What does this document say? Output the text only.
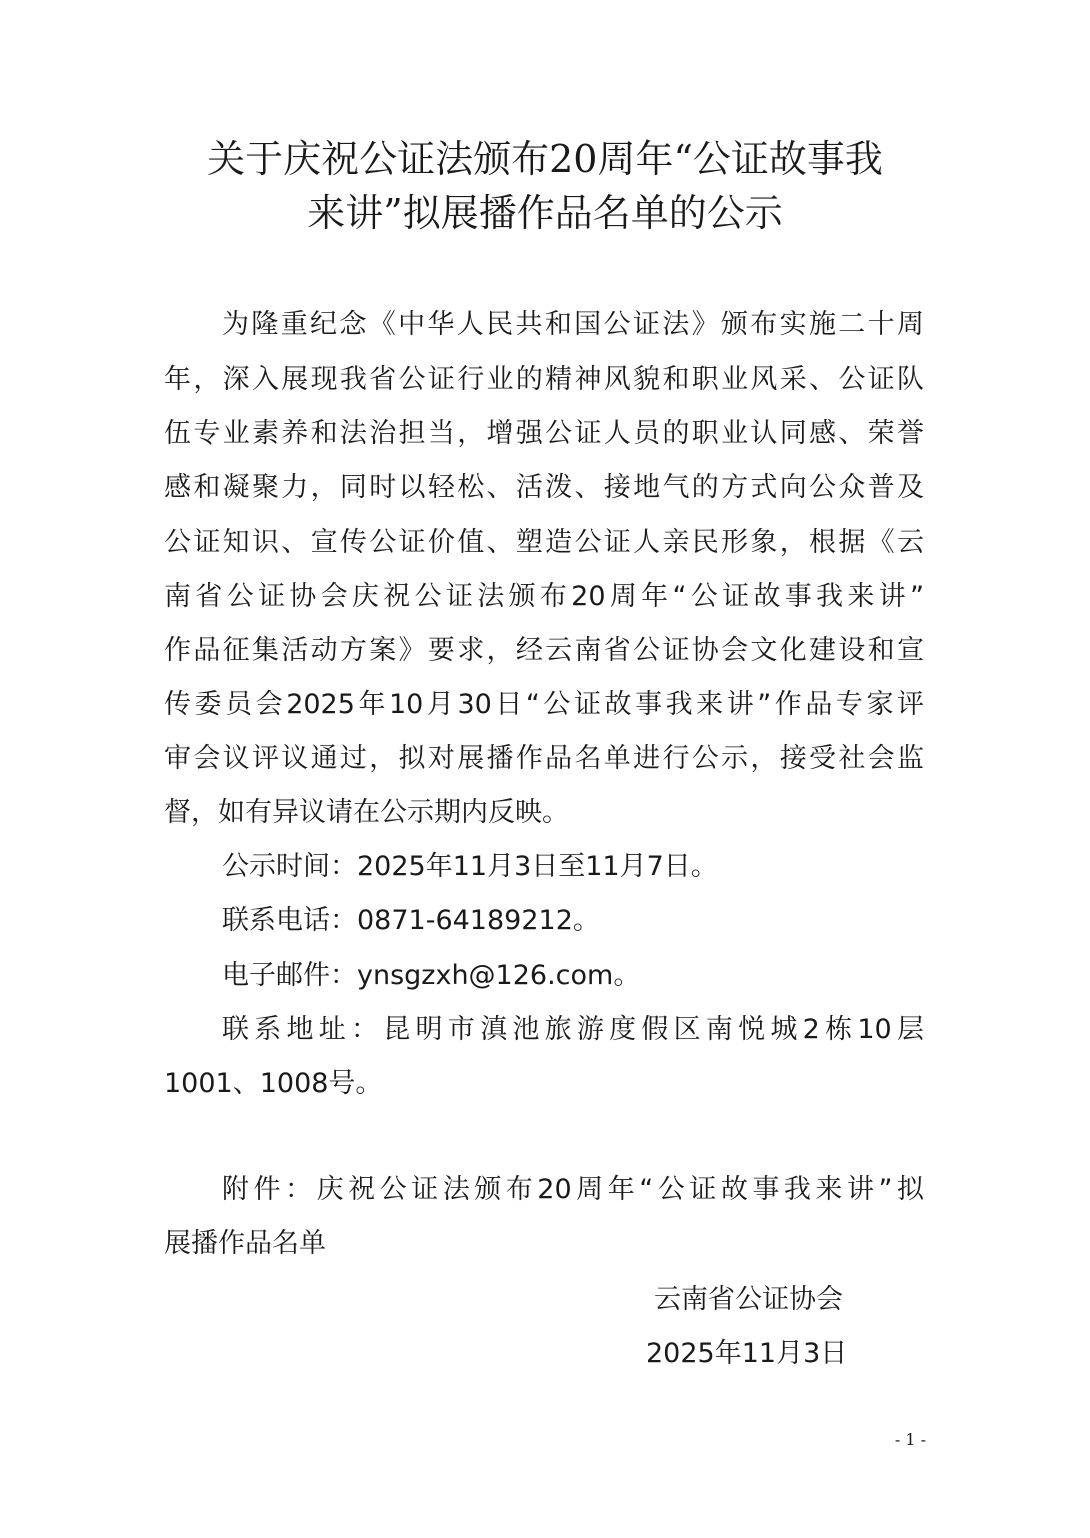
关于庆祝公证法颁布20周年“公证故事我
来讲”拟展播作品名单的公示
为隆重纪念《中华人民共和国公证法》颁布实施二十周
年，深入展现我省公证行业的精神风貌和职业风采、公证队
伍专业素养和法治担当，增强公证人员的职业认同感、荣誉
感和凝聚力，同时以轻松、活泼、接地气的方式向公众普及
公证知识、宣传公证价值、塑造公证人亲民形象，根据《云
南省公证协会庆祝公证法颁布20周年“公证故事我来讲”
作品征集活动方案》要求，经云南省公证协会文化建设和宣
传委员会2025年10月30日“公证故事我来讲”作品专家评
审会议评议通过，拟对展播作品名单进行公示，接受社会监
督，如有异议请在公示期内反映。
公示时间：2025年11月3日至11月7日。
联系电话：0871-64189212。
电子邮件：ynsgzxh@126.com。
联系地址：昆明市滇池旅游度假区南悦城2栋10层
1001、1008号。
附件：庆祝公证法颁布20周年“公证故事我来讲”拟
展播作品名单
云南省公证协会
2025年11月3日
- 1 -
